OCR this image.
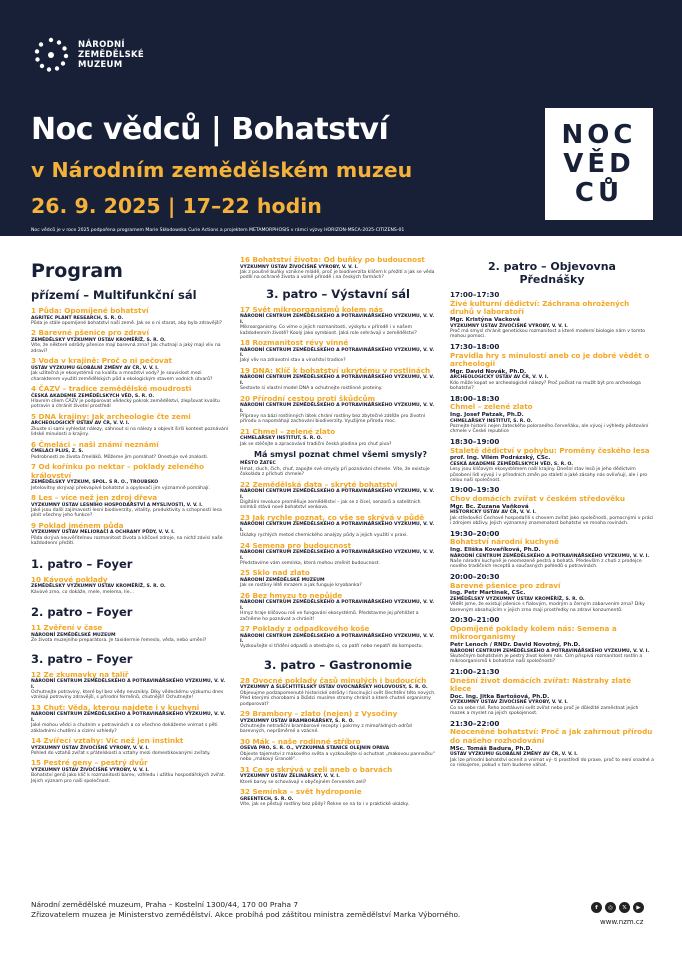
NÁRODNÍ
ZEMĚDĚLSKÉ
MUZEUM
Noc vědců | Bohatství
v Národním zemědělském muzeu
26. 9. 2025 | 17–22 hodin
NOC
VĚD
CŮ
Noc vědců je v roce 2025 podpořena programem Marie Skłodowska Curie Actions a projektem METAMORPHOSIS v rámci výzvy HORIZON-MSCA-2025-CITIZENS-01
Program
přízemí – Multifunkční sál
1 Půda: Opomíjené bohatství
AGRITEC PLANT RESEARCH, S. R. O.
Půda je stále opomíjené bohatství naší země. Jak se o ni starat, aby byla zdravější?
2 Barevné pšenice pro zdraví
ZEMĚDĚLSKÝ VÝZKUMNÝ ÚSTAV KROMĚŘÍŽ, S. R. O.
Víte, že některé odrůdy pšenice mají barevná zrna? Jak chutnají a jaký mají vliv na zdraví?
3 Voda v krajině: Proč o ni pečovat
ÚSTAV VÝZKUMU GLOBÁLNÍ ZMĚNY AV ČR, V. V. I.
Jak užitečná je ekosystémů na kvalitu a množství vody? Je souvislost mezi charakterem využití zemědělských půd a ekologickým stavem vodních útvarů?
4 ČAZV – tradice zemědělské moudrosti
ČESKÁ AKADEMIE ZEMĚDĚLSKÝCH VĚD, S. R. O.
Hlavním cílem ČAZV je podporovat vědecký pokrok zemědělství, zlepšovat kvalitu potravin a chránit životní prostředí
5 DNA krajiny: Jak archeologie čte zemi
ARCHEOLOGICKÝ ÚSTAV AV ČR, V. V. I.
Zkuste si sami vyhledat nálezy, sáhnout si na nálezy a objevit širší kontext poznávání lidské minulosti a krajiny.
6 Čmeláci – naši známí neznámí
ČMELÁCI PLUS, Z. S.
Podrobnosti ze života čmeláků. Můžeme jim pomáhat? Onestuje své znalosti.
7 Od kořínku po nektar – poklady zeleného království
ZEMĚDĚLSKÝ VÝZKUM, SPOL. S R. O., TROUBSKO
Jetelovitny skrývají překvapivé bohatství a opylovači jim významně pomáhají.
8 Les – více než jen zdroj dřeva
VÝZKUMNÝ ÚSTAV LESNÍHO HOSPODÁŘSTVÍ A MYSLIVOSTI, V. V. I.
Jaké jsou další zajímavosti lesní biodiverzity, vitality, produktivity a schopnosti lesa plnit všechny jeho funkce?
9 Poklad jménem půda
VÝZKUMNÝ ÚSTAV MELIORACÍ A OCHRANY PŮDY, V. V. I.
Půda skrývá neuvěřitelnou rozmanitost života a klíčové zdroje, na nichž závisí naše každodenní přežití.
1. patro – Foyer
10 Kávové poklady
ZEMĚDĚLSKÝ VÝZKUMNÝ ÚSTAV KROMĚŘÍŽ, S. R. O.
Kávové zrno, co dokáže, mele, melema, líe...
2. patro – Foyer
11 Zvěření v čase
NÁRODNÍ ZEMĚDĚLSKÉ MUZEUM
Ze života muzejního preparátora. Je taxidermie řemeslo, věda, nebo umění?
3. patro – Foyer
12 Ze zkumavky na talíř
NÁRODNÍ CENTRUM ZEMĚDĚLSKÉHO A POTRAVINÁŘSKÉHO VÝZKUMU, V. V. I.
Ochutnejte potraviny, které byl bez vědy nevznikly. Díky vědeckému výzkumu dnes vznikají potraviny zdravější, s přírodní ferměnů, chutnější! Ochutnejte!
13 Chuť: Věda, kterou najdete i v kuchyni
NÁRODNÍ CENTRUM ZEMĚDĚLSKÉHO A POTRAVINÁŘSKÉHO VÝZKUMU, V. V. I.
Jaké mohou vědci a chutním v potravinách a co všechno dokážeme vnímat s pěti základními chutěmi a cizími vzhledy?
14 Zvířecí vztahy: Víc než jen instinkt
VÝZKUMNÝ ÚSTAV ŽIVOČIŠNÉ VÝROBY, V. V. I.
Pohled do vztahů zvířat s přátelskostí a vztahy mezi domestikovanými zvířaty.
15 Pestré geny – pestrý dvůr
VÝZKUMNÝ ÚSTAV ŽIVOČIŠNÉ VÝROBY, V. V. I.
Bohatství genů jako klíč k rozmanitosti barev, vzhledu i užitku hospodářských zvířat. Jejich význam pro naši společnost.
16 Bohatství života: Od buňky po budoucnost
VÝZKUMNÝ ÚSTAV ŽIVOČIŠNÉ VÝROBY, V. V. I.
Jak z poušné buňky vznikne mládě, proč je biodiverzita klíčem k přežití a jak se věda podílí na ochraně života a volně přírodě i na českých farmách?
3. patro – Výstavní sál
17 Svět mikroorganismů kolem nás
NÁRODNÍ CENTRUM ZEMĚDĚLSKÉHO A POTRAVINÁŘSKÉHO VÝZKUMU, V. V. I.
Mikroorganismy. Co víme o jejich rozmanitosti, výskytu v přírodě i v našem každodenním životě? Koolý jako symbiont. Jaká role sehrávají v zemědělství?
18 Rozmanitost révy vinné
NÁRODNÍ CENTRUM ZEMĚDĚLSKÉHO A POTRAVINÁŘSKÉHO VÝZKUMU, V. V. I.
Jaký vliv na zdravotní stav a vinařství tradice?
19 DNA: Klíč k bohatství ukrytému v rostlinách
NÁRODNÍ CENTRUM ZEMĚDĚLSKÉHO A POTRAVINÁŘSKÉHO VÝZKUMU, V. V. I.
Sestavte si vlastní model DNA a ochutnejte rostlinné proteiny.
20 Přírodní cestou proti škůdcům
NÁRODNÍ CENTRUM ZEMĚDĚLSKÉHO A POTRAVINÁŘSKÉHO VÝZKUMU, V. V. I.
Připravy na bázi rostlinných látek chrání rostliny bez zbytečné zátěže pro životní přírodu a napomáhají zachování biodiverzity. Využijme přírodu moc.
21 Chmel – zelené zlato
CHMELAŘSKÝ INSTITUT, S. R. O.
Jak se stéčejte a zpracovává tradiční česká plodina pro chuť piva?
Má smysl poznat chmel všemi smysly?
MĚSTO ŽATEC
Hmat, sluch, čich, chuť, zapojte své smysly při poznávání chmele. Víte, že existuje čokoláda z příchutí chmele?
22 Zemědělská data – skryté bohatství
NÁRODNÍ CENTRUM ZEMĚDĚLSKÉHO A POTRAVINÁŘSKÉHO VÝZKUMU, V. V. I.
Digitální revoluce proměňuje zemědělství – jak se z čísel, senzorů a satelitních snímků stává nové bohatství venkova.
23 Jak rychle poznat, co vše se skrývá v půdě
NÁRODNÍ CENTRUM ZEMĚDĚLSKÉHO A POTRAVINÁŘSKÉHO VÝZKUMU, V. V. I.
Ukázky rychlých metod chemického analýzy půdy a jejich využití v praxi.
24 Semena pro budoucnost
NÁRODNÍ CENTRUM ZEMĚDĚLSKÉHO A POTRAVINÁŘSKÉHO VÝZKUMU, V. V. I.
Představíme vám semínka, která mohou změnit budoucnost.
25 Sklo nad zlato
NÁRODNÍ ZEMĚDĚLSKÉ MUZEUM
Jak se rostliny létě mrazem a jak funguje kryobanka?
26 Bez hmyzu to nepůjde
NÁRODNÍ CENTRUM ZEMĚDĚLSKÉHO A POTRAVINÁŘSKÉHO VÝZKUMU, V. V. I.
Hmyz hraje klíčovou roli ve fungování ekosystémů. Představme jej přehlížet a začněme ho poznávat a chránit!
27 Poklady z odpadkového koše
NÁRODNÍ CENTRUM ZEMĚDĚLSKÉHO A POTRAVINÁŘSKÉHO VÝZKUMU, V. V. I.
Vyzkoušejte si třídění odpadů a otestujte si, co patří nebo nepatří do kompostu.
3. patro – Gastronomie
28 Ovocné poklady časů minulých i budoucích
VÝZKUMNÝ A ŠLECHTITELSKÝ ÚSTAV OVOCNÁŘSKÝ HOLOVOUSY, S. R. O.
Objevujme podzapomenuté historické odrůdy i fascinující svět šlechtění této nových. Před kterými chorobami a škůdci musíme stromy chránit a které chutné organismy podporovat?
29 Brambory – zlato (nejen) z Vysočiny
VÝZKUMNÝ ÚSTAV BRAMBORÁŘSKÝ, S. R. O.
Ochutnejte netradiční bramborové recepty i pokrmy z mimořádných odrůd barevných, neprůměrné a vzácné.
30 Mák – naše rodinné stříbro
OSEVA PRO, S. R. O., VÝZKUMNÁ STANICE OLEJNIN OPAVA
Objevte tajemství z makového světa a vyzkoušejte si ochutnat „makovou pannačku“ nebo „mákový Granolé“.
31 Co se skrývá v zeli aneb o barvách
VÝZKUMNÝ ÚSTAV ZELINÁŘSKÝ, V. V. I.
Které barvy se schovávají v obyčejném červeném zelí?
32 Semínka – svět hydroponie
GREENTECH, S. R. O.
Víte, jak se pěstují rostliny bez půdy? Řekne se na to i v praktické ukázky.
2. patro – Objevovna Přednášky
17:00–17:30
Živé kulturní dědictví: Záchrana ohrožených druhů v laboratoři
Mgr. Kristýna Vacková
VÝZKUMNÝ ÚSTAV ŽIVOČIŠNÉ VÝROBY, V. V. I.
Proč má smysl chránit genetickou rozmanitost a které moderní biologie nám v tomto mohou pomoci.
17:30–18:00
Pravidla hry s minulostí aneb co je dobré vědět o archeologii
Mgr. David Novák, Ph.D.
ARCHEOLOGICKÝ ÚSTAV AV ČR, V. V. I.
Kdo může kopat ve archeologické nálezy? Proč počkat na mužít být pro archeologa bohatství?
18:00–18:30
Chmel – zelené zlato
Ing. Josef Patzak, Ph.D.
CHMELAŘSKÝ INSTITUT, S. R. O.
Poznejte historii nejen žateckého poloraného červeňáku, ale vývoj i výhledy pěstování chmele v České republice
18:30–19:00
Staletě dědictví v pohybu: Proměny českého lesa
prof. Ing. Vilém Podrázský, CSc.
ČESKÁ AKADEMIE ZEMĚDĚLSKÝCH VĚD, S. R. O.
Lesy jsou klíčovým ekosystémem naší krajiny. Dnešní stav lesů je jeho dědictvím působení lidí vývoji i v přírodních změn po staletí a jaké zásahy nás ovlivňují, ale i pro celou naši společnost.
19:00–19:30
Chov domácích zvířat v českém středověku
Mgr. Bc. Zuzana Vaňková
HISTORICKÝ ÚSTAV AV ČR, V. V. I.
Jak středověcí Čechové hospodařili s chovem zvířat jako společnosti, pomocnými v práci i zdrojem obživy. Jejich významný znamenatost bohatství ve mnoha rovinách.
19:30–20:00
Bohatství národní kuchyně
Ing. Eliška Kovaříková, Ph.D.
NÁRODNÍ CENTRUM ZEMĚDĚLSKÉHO A POTRAVINÁŘSKÉHO VÝZKUMU, V. V. I.
Naše národní kuchyně je neomezeně pestrá a bohatá. Především z chuti z prodejce nového tradičních receptů a současných pohledů o potravinách.
20:00–20:30
Barevné pšenice pro zdraví
Ing. Petr Martinek, CSc.
ZEMĚDĚLSKÝ VÝZKUMNÝ ÚSTAV KROMĚŘÍŽ, S. R. O.
Vědět jsme, že existují pšenice s fialovým, modrým a černým zabarvením zrna? Díky barevným obsahujícím v jejich zrno mají prostředky na zdraví konzumentů.
20:30–21:00
Opomíjené poklady kolem nás: Semena a mikroorganismy
Petr Lenoch / RNDr. David Novotný, Ph.D.
NÁRODNÍ CENTRUM ZEMĚDĚLSKÉHO A POTRAVINÁŘSKÉHO VÝZKUMU, V. V. I.
Skutečným bohatstvím je pestrý život kolem nás. Čím přispívá rozmanitost rostlin a mikroorganismů k bohatství naší společnosti?
21:00–21:30
Dnešní život domácích zvířat: Nástrahy zlaté klece
Doc. Ing. Jitka Bartošová, Ph.D.
VÝZKUMNÝ ÚSTAV ŽIVOČIŠNÉ VÝROBY, V. V. I.
Co na sebe rád. Řeho zostáluvní svět zvířat nebo proč je důležité zaměstnat jejich mozek a myslet na jejich spokojenost.
21:30–22:00
Neoceněné bohatství: Proč a jak zahrnout přírodu do našeho rozhodování
MSc. Tomáš Badura, Ph.D.
ÚSTAV VÝZKUMU GLOBÁLNÍ ZMĚNY AV ČR, V. V. I.
Jak lze přírodní bohatství ocenit a vnímat vý- ti prostředí do praxe, proč to není snadné a co riskujeme, pokud v tom budeme váhat.
Národní zemědělské muzeum, Praha – Kostelní 1300/44, 170 00 Praha 7
Zřizovatelem muzea je Ministerstvo zemědělství. Akce probíhá pod záštitou ministra zemědělství Marka Výborného.
f	◎	𝕏	▶
www.nzm.cz
